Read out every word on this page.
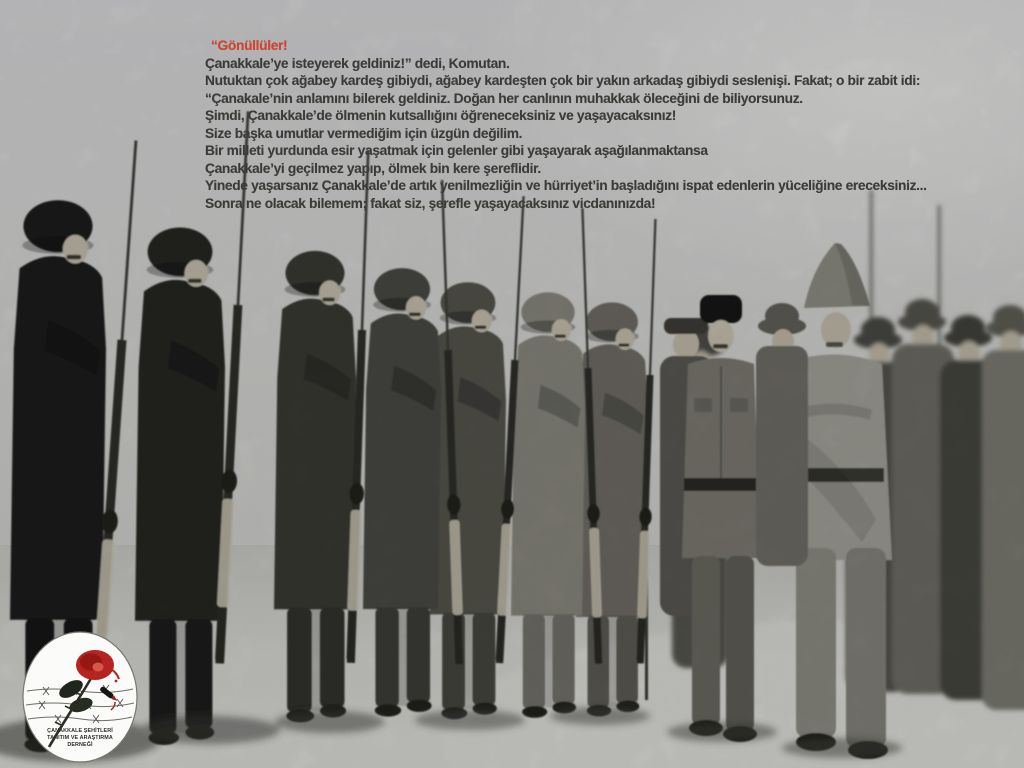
“Gönüllüler!
Çanakkale’ye isteyerek geldiniz!” dedi, Komutan.
Nutuktan çok ağabey kardeş gibiydi, ağabey kardeşten çok bir yakın arkadaş gibiydi seslenişi. Fakat; o bir zabit idi:
“Çanakale’nin anlamını bilerek geldiniz. Doğan her canlının muhakkak öleceğini de biliyorsunuz.
Şimdi, Çanakkale’de ölmenin kutsallığını öğreneceksiniz ve yaşayacaksınız!
Size başka umutlar vermediğim için üzgün değilim.
Bir milleti yurdunda esir yaşatmak için gelenler gibi yaşayarak aşağılanmaktansa
Çanakkale’yi geçilmez yapıp, ölmek bin kere şereflidir.
Yinede yaşarsanız Çanakkale’de artık yenilmezliğin ve hürriyet’in başladığını ispat edenlerin yüceliğine ereceksiniz...
Sonra ne olacak bilemem; fakat siz, şerefle yaşayacaksınız vicdanınızda!
ÇANAKKALE ŞEHİTLERİ
TANITIM VE ARAŞTIRMA
DERNEĞİ
